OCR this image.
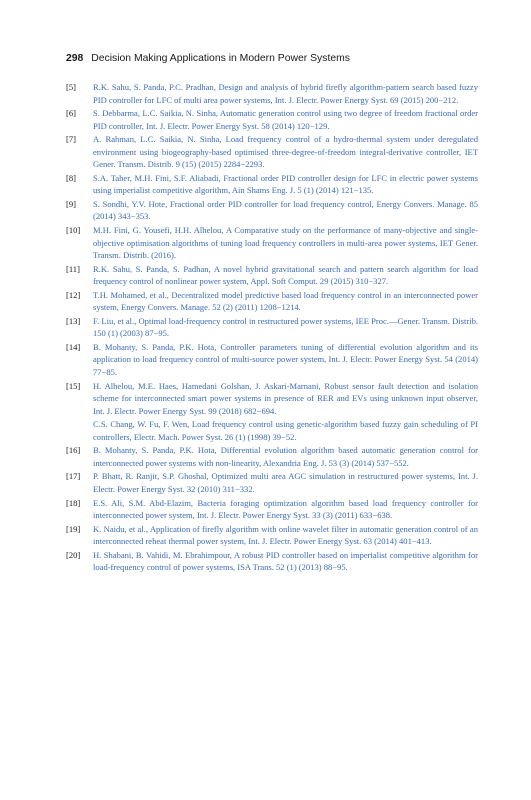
298 Decision Making Applications in Modern Power Systems
[5]	R.K. Sahu, S. Panda, P.C. Pradhan, Design and analysis of hybrid firefly algorithm-pattern search based fuzzy PID controller for LFC of multi area power systems, Int. J. Electr. Power Energy Syst. 69 (2015) 200−212.
[6]	S. Debbarma, L.C. Saikia, N. Sinha, Automatic generation control using two degree of freedom fractional order PID controller, Int. J. Electr. Power Energy Syst. 58 (2014) 120−129.
[7]	A. Rahman, L.C. Saikia, N. Sinha, Load frequency control of a hydro-thermal system under deregulated environment using biogeography-based optimised three-degree-of-freedom integral-derivative controller, IET Gener. Transm. Distrib. 9 (15) (2015) 2284−2293.
[8]	S.A. Taher, M.H. Fini, S.F. Aliabadi, Fractional order PID controller design for LFC in electric power systems using imperialist competitive algorithm, Ain Shams Eng. J. 5 (1) (2014) 121−135.
[9]	S. Sondhi, Y.V. Hote, Fractional order PID controller for load frequency control, Energy Convers. Manage. 85 (2014) 343−353.
[10]	M.H. Fini, G. Yousefi, H.H. Alhelou, A Comparative study on the performance of many-objective and single-objective optimisation algorithms of tuning load frequency controllers in multi-area power systems, IET Gener. Transm. Distrib. (2016).
[11]	R.K. Sahu, S. Panda, S. Padhan, A novel hybrid gravitational search and pattern search algorithm for load frequency control of nonlinear power system, Appl. Soft Comput. 29 (2015) 310−327.
[12]	T.H. Mohamed, et al., Decentralized model predictive based load frequency control in an interconnected power system, Energy Convers. Manage. 52 (2) (2011) 1208−1214.
[13]	F. Liu, et al., Optimal load-frequency control in restructured power systems, IEE Proc.—Gener. Transm. Distrib. 150 (1) (2003) 87−95.
[14]	B. Mohanty, S. Panda, P.K. Hota, Controller parameters tuning of differential evolution algorithm and its application to load frequency control of multi-source power system, Int. J. Electr. Power Energy Syst. 54 (2014) 77−85.
[15]	H. Alhelou, M.E. Haes, Hamedani Golshan, J. Askari-Marnani, Robust sensor fault detection and isolation scheme for interconnected smart power systems in presence of RER and EVs using unknown input observer, Int. J. Electr. Power Energy Syst. 99 (2018) 682−694.
C.S. Chang, W. Fu, F. Wen, Load frequency control using genetic-algorithm based fuzzy gain scheduling of PI controllers, Electr. Mach. Power Syst. 26 (1) (1998) 39−52.
[16]	B. Mohanty, S. Panda, P.K. Hota, Differential evolution algorithm based automatic generation control for interconnected power systems with non-linearity, Alexandria Eng. J. 53 (3) (2014) 537−552.
[17]	P. Bhatt, R. Ranjit, S.P. Ghoshal, Optimized multi area AGC simulation in restructured power systems, Int. J. Electr. Power Energy Syst. 32 (2010) 311−332.
[18]	E.S. Ali, S.M. Abd-Elazim, Bacteria foraging optimization algorithm based load frequency controller for interconnected power system, Int. J. Electr. Power Energy Syst. 33 (3) (2011) 633−638.
[19]	K. Naidu, et al., Application of firefly algorithm with online wavelet filter in automatic generation control of an interconnected reheat thermal power system, Int. J. Electr. Power Energy Syst. 63 (2014) 401−413.
[20]	H. Shabani, B. Vahidi, M. Ebrahimpour, A robust PID controller based on imperialist competitive algorithm for load-frequency control of power systems, ISA Trans. 52 (1) (2013) 88−95.
